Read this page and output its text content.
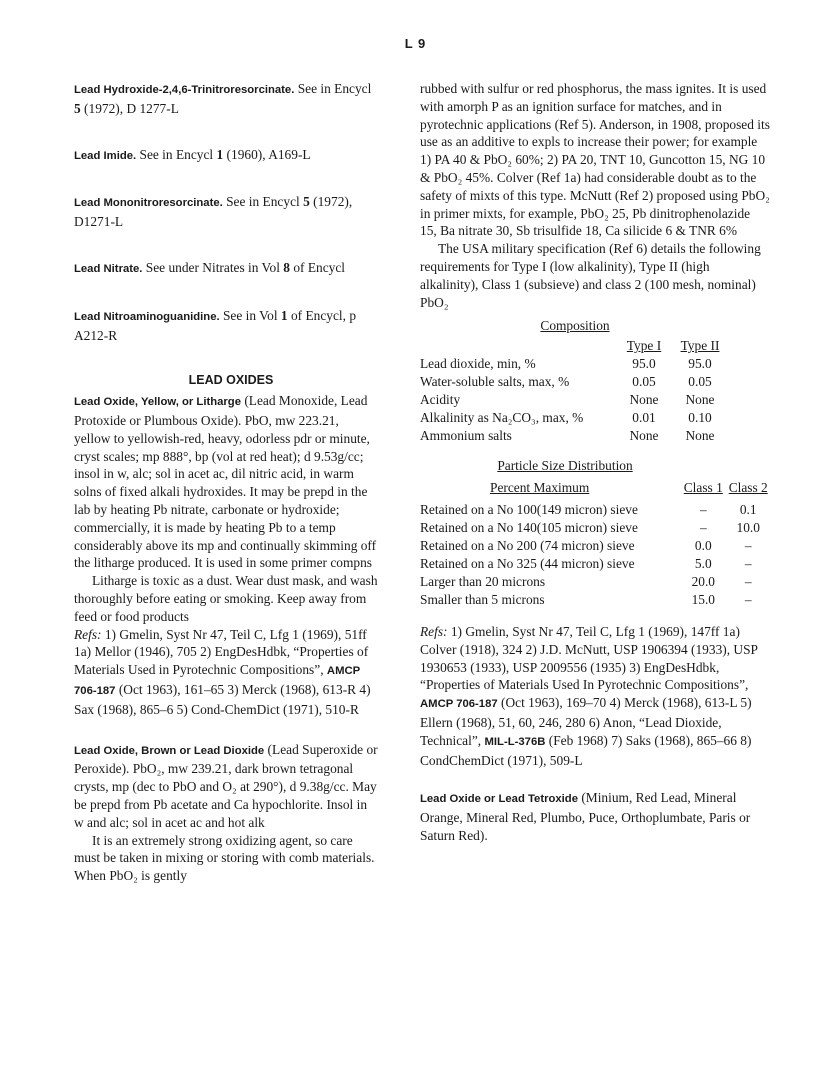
L 9

Lead Hydroxide-2,4,6-Trinitroresorcinate. See in Encycl 5 (1972), D 1277-L

Lead Imide. See in Encycl 1 (1960), A169-L

Lead Mononitroresorcinate. See in Encycl 5 (1972), D1271-L

Lead Nitrate. See under Nitrates in Vol 8 of Encycl

Lead Nitroaminoguanidine. See in Vol 1 of Encycl, p A212-R

LEAD OXIDES

Lead Oxide, Yellow, or Litharge (Lead Monoxide, Lead Protoxide or Plumbous Oxide). PbO, mw 223.21, yellow to yellowish-red, heavy, odorless pdr or minute, cryst scales; mp 888°, bp (vol at red heat); d 9.53g/cc; insol in w, alc; sol in acet ac, dil nitric acid, in warm solns of fixed alkali hydroxides. It may be prepd in the lab by heating Pb nitrate, carbonate or hydroxide; commercially, it is made by heating Pb to a temp considerably above its mp and continually skimming off the litharge produced. It is used in some primer compns

Litharge is toxic as a dust. Wear dust mask, and wash thoroughly before eating or smoking. Keep away from feed or food products

Refs: 1) Gmelin, Syst Nr 47, Teil C, Lfg 1 (1969), 51ff 1a) Mellor (1946), 705 2) EngDesHdbk, “Properties of Materials Used in Pyrotechnic Compositions”, AMCP 706-187 (Oct 1963), 161–65 3) Merck (1968), 613-R 4) Sax (1968), 865–6 5) Cond-ChemDict (1971), 510-R

Lead Oxide, Brown or Lead Dioxide (Lead Superoxide or Peroxide). PbO₂, mw 239.21, dark brown tetragonal crysts, mp (dec to PbO and O₂ at 290°), d 9.38g/cc. May be prepd from Pb acetate and Ca hypochlorite. Insol in w and alc; sol in acet ac and hot alk

It is an extremely strong oxidizing agent, so care must be taken in mixing or storing with comb materials. When PbO₂ is gently

rubbed with sulfur or red phosphorus, the mass ignites. It is used with amorph P as an ignition surface for matches, and in pyrotechnic applications (Ref 5). Anderson, in 1908, proposed its use as an additive to expls to increase their power; for example 1) PA 40 & PbO₂ 60%; 2) PA 20, TNT 10, Guncotton 15, NG 10 & PbO₂ 45%. Colver (Ref 1a) had considerable doubt as to the safety of mixts of this type. McNutt (Ref 2) proposed using PbO₂ in primer mixts, for example, PbO₂ 25, Pb dinitrophenolazide 15, Ba nitrate 30, Sb trisulfide 18, Ca silicide 6 & TNR 6%

The USA military specification (Ref 6) details the following requirements for Type I (low alkalinity), Type II (high alkalinity), Class 1 (subsieve) and class 2 (100 mesh, nominal) PbO₂

Composition
	Type I	Type II
Lead dioxide, min, %	95.0	95.0
Water-soluble salts, max, %	0.05	0.05
Acidity	None	None
Alkalinity as Na₂CO₃, max, %	0.01	0.10
Ammonium salts	None	None
Particle Size Distribution
Percent Maximum	Class 1	Class 2

Retained on a No 100(149 micron) sieve	–	0.1
Retained on a No 140(105 micron) sieve	–	10.0
Retained on a No 200 (74 micron) sieve	0.0	–
Retained on a No 325 (44 micron) sieve	5.0	–
Larger than 20 microns	20.0	–
Smaller than 5 microns	15.0	–

Refs: 1) Gmelin, Syst Nr 47, Teil C, Lfg 1 (1969), 147ff 1a) Colver (1918), 324 2) J.D. McNutt, USP 1906394 (1933), USP 1930653 (1933), USP 2009556 (1935) 3) EngDesHdbk, “Properties of Materials Used In Pyrotechnic Compositions”, AMCP 706-187 (Oct 1963), 169–70 4) Merck (1968), 613-L 5) Ellern (1968), 51, 60, 246, 280 6) Anon, “Lead Dioxide, Technical”, MIL-L-376B (Feb 1968) 7) Saks (1968), 865–66 8) CondChemDict (1971), 509-L

Lead Oxide or Lead Tetroxide (Minium, Red Lead, Mineral Orange, Mineral Red, Plumbo, Puce, Orthoplumbate, Paris or Saturn Red).
